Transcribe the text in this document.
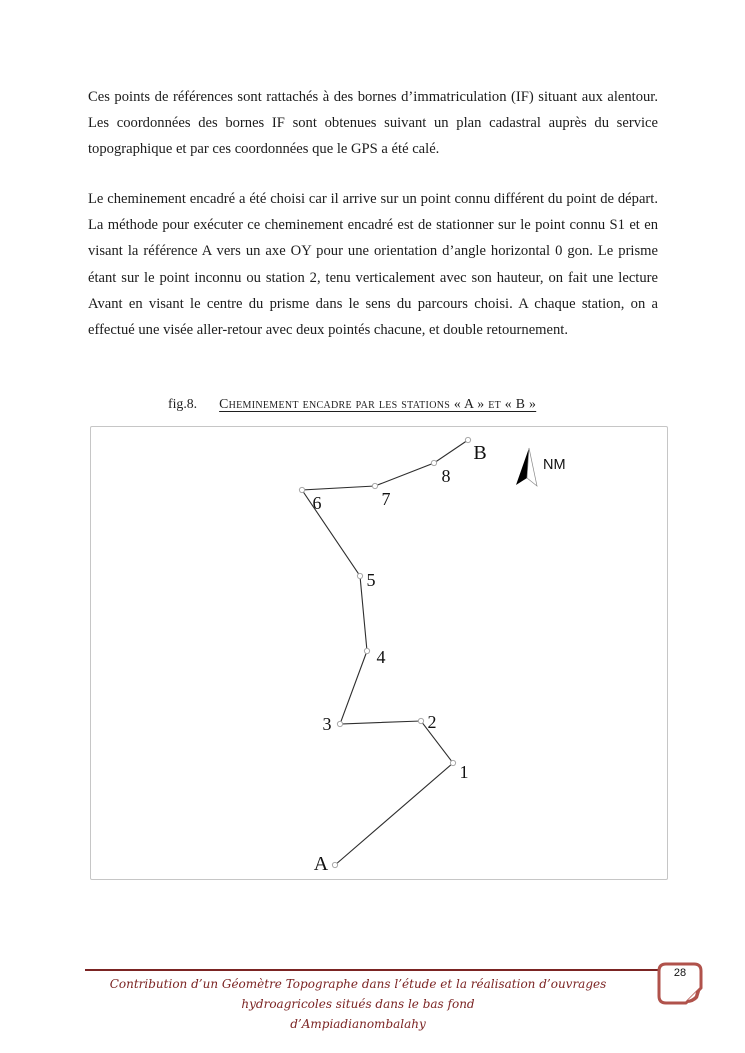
Ces points de références sont rattachés à des bornes d’immatriculation (IF) situant aux alentour. Les coordonnées des bornes IF sont obtenues suivant un plan cadastral auprès du service topographique et par ces coordonnées que le GPS a été calé.

Le cheminement encadré a été choisi car il arrive sur un point connu différent du point de départ. La méthode pour exécuter ce cheminement encadré est de stationner sur le point connu S1 et en visant la référence A vers un axe OY pour une orientation d’angle horizontal 0 gon. Le prisme étant sur le point inconnu ou station 2, tenu verticalement avec son hauteur, on fait une lecture Avant en visant le centre du prisme dans le sens du parcours choisi. A chaque station, on a effectué une visée aller-retour avec deux pointés chacune, et double retournement.

fig.8. Cheminement encadre par les stations « A » et « B »
A
1
2
3
4
5
6	7
8
B
NM
Contribution d’un Géomètre Topographe dans l’étude et la réalisation d’ouvrages hydroagricoles situés dans le bas fond
d’Ampiadianombalahy
28
